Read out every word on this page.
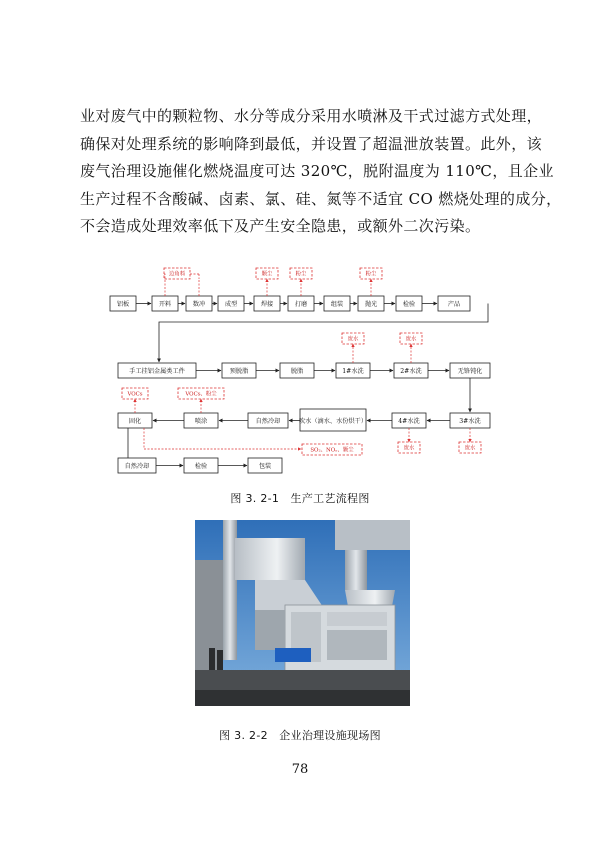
业对废气中的颗粒物、水分等成分采用水喷淋及干式过滤方式处理，
确保对处理系统的影响降到最低，并设置了超温泄放装置。此外，该
废气治理设施催化燃烧温度可达 320℃，脱附温度为 110℃，且企业
生产过程不含酸碱、卤素、氯、硅、氮等不适宜 CO 燃烧处理的成分，
不会造成处理效率低下及产生安全隐患，或额外二次污染。
铝板	开料	数冲	成型	焊接	打磨	组装	抛光	检验	产品
边角料	颗尘	粉尘	粉尘
手工挂铝金属类工件	预脱脂	脱脂	1#水洗	2#水洗	无铬钝化
废水	废水
固化	喷涂	自然冷却	吹水（滴水、水份烘干）	4#水洗	3#水洗
VOCs	VOCs、粉尘
废水	废水
SO₂、NOₓ、颗尘
自然冷却	检验	包装
图 3. 2-1　生产工艺流程图
图 3. 2-2　企业治理设施现场图
78
